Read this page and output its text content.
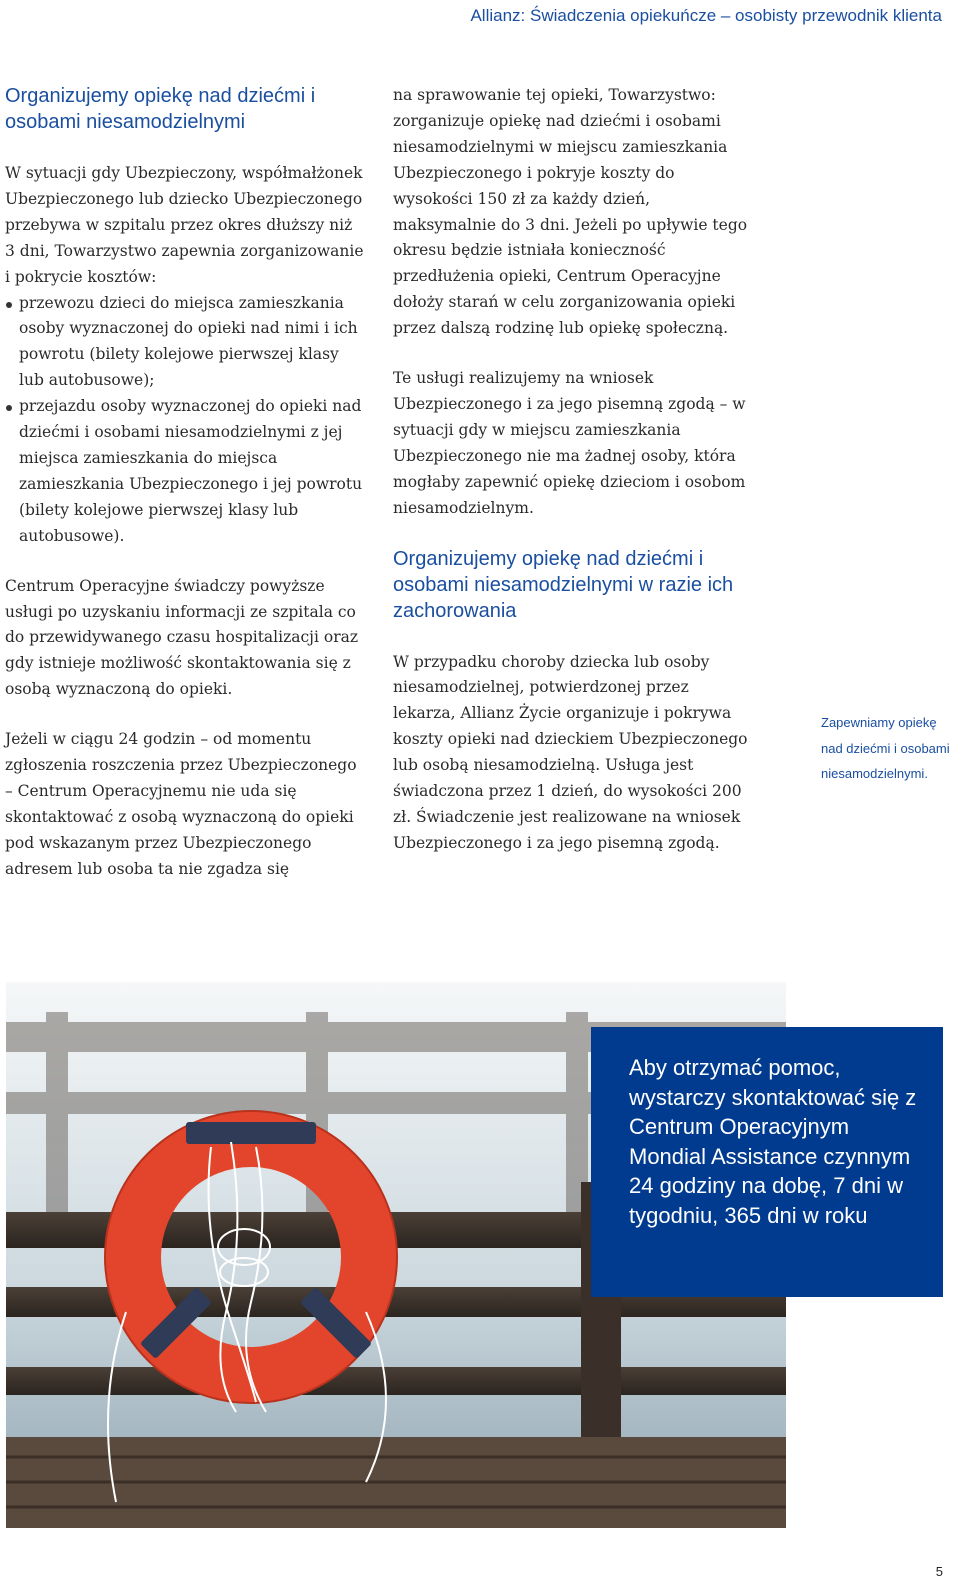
Allianz: Świadczenia opiekuńcze – osobisty przewodnik klienta
Organizujemy opiekę nad dziećmi i osobami niesamodzielnymi

W sytuacji gdy Ubezpieczony, współmałżonek Ubezpieczonego lub dziecko Ubezpieczonego przebywa w szpitalu przez okres dłuższy niż 3 dni, Towarzystwo zapewnia zorganizowanie i pokrycie kosztów:

przewozu dzieci do miejsca zamieszkania osoby wyznaczonej do opieki nad nimi i ich powrotu (bilety kolejowe pierwszej klasy lub autobusowe);
przejazdu osoby wyznaczonej do opieki nad dziećmi i osobami niesamodzielnymi z jej miejsca zamieszkania do miejsca zamieszkania Ubezpieczonego i jej powrotu (bilety kolejowe pierwszej klasy lub autobusowe).

Centrum Operacyjne świadczy powyższe usługi po uzyskaniu informacji ze szpitala co do przewidywanego czasu hospitalizacji oraz gdy istnieje możliwość skontaktowania się z osobą wyznaczoną do opieki.

Jeżeli w ciągu 24 godzin – od momentu zgłoszenia roszczenia przez Ubezpieczonego – Centrum Operacyjnemu nie uda się skontaktować z osobą wyznaczoną do opieki pod wskazanym przez Ubezpieczonego adresem lub osoba ta nie zgadza się

na sprawowanie tej opieki, Towarzystwo: zorganizuje opiekę nad dziećmi i osobami niesamodzielnymi w miejscu zamieszkania Ubezpieczonego i pokryje koszty do wysokości 150 zł za każdy dzień, maksymalnie do 3 dni. Jeżeli po upływie tego okresu będzie istniała konieczność przedłużenia opieki, Centrum Operacyjne dołoży starań w celu zorganizowania opieki przez dalszą rodzinę lub opiekę społeczną.

Te usługi realizujemy na wniosek Ubezpieczonego i za jego pisemną zgodą – w sytuacji gdy w miejscu zamieszkania Ubezpieczonego nie ma żadnej osoby, która mogłaby zapewnić opiekę dzieciom i osobom niesamodzielnym.

Organizujemy opiekę nad dziećmi i osobami niesamodzielnymi w razie ich zachorowania

W przypadku choroby dziecka lub osoby niesamodzielnej, potwierdzonej przez lekarza, Allianz Życie organizuje i pokrywa koszty opieki nad dzieckiem Ubezpieczonego lub osobą niesamodzielną. Usługa jest świadczona przez 1 dzień, do wysokości 200 zł. Świadczenie jest realizowane na wniosek Ubezpieczonego i za jego pisemną zgodą.

Zapewniamy opiekę nad dziećmi i osobami niesamodzielnymi.
Aby otrzymać pomoc, wystarczy skontaktować się z Centrum Operacyjnym Mondial Assistance czynnym 24 godziny na dobę, 7 dni w tygodniu, 365 dni w roku
5
